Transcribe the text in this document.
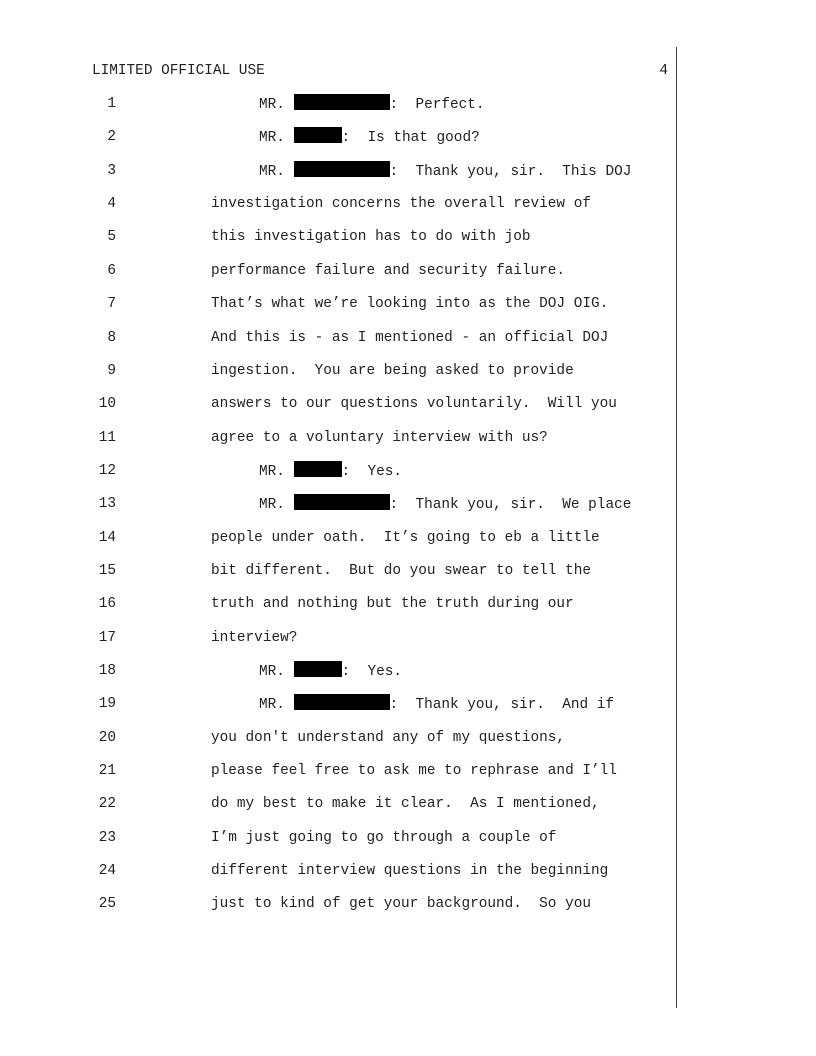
LIMITED OFFICIAL USE	4
1	MR.	:  Perfect.
2	MR.	:  Is that good?
3	MR.	:  Thank you, sir.  This DOJ
4	investigation concerns the overall review of
5	this investigation has to do with job
6	performance failure and security failure.
7	That’s what we’re looking into as the DOJ OIG.
8	And this is - as I mentioned - an official DOJ
9	ingestion.  You are being asked to provide
10	answers to our questions voluntarily.  Will you
11	agree to a voluntary interview with us?
12	MR.	:  Yes.
13	MR.	:  Thank you, sir.  We place
14	people under oath.  It’s going to eb a little
15	bit different.  But do you swear to tell the
16	truth and nothing but the truth during our
17	interview?
18	MR.	:  Yes.
19	MR.	:  Thank you, sir.  And if
20	you don't understand any of my questions,
21	please feel free to ask me to rephrase and I’ll
22	do my best to make it clear.  As I mentioned,
23	I’m just going to go through a couple of
24	different interview questions in the beginning
25	just to kind of get your background.  So you
